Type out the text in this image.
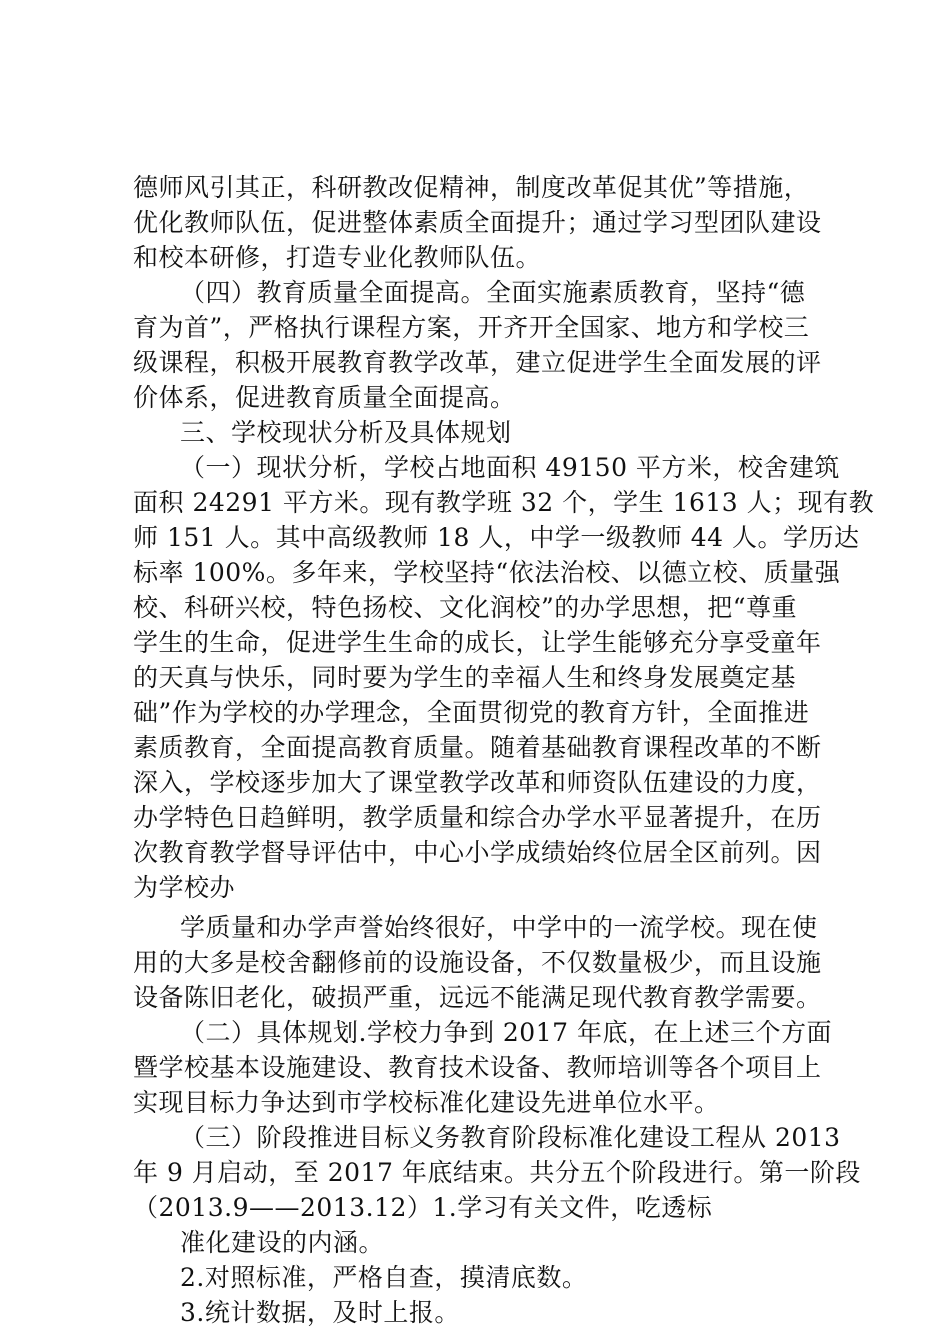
德师风引其正，科研教改促精神，制度改革促其优”等措施，
优化教师队伍，促进整体素质全面提升；通过学习型团队建设
和校本研修，打造专业化教师队伍。
（四）教育质量全面提高。全面实施素质教育，坚持“德
育为首”，严格执行课程方案，开齐开全国家、地方和学校三
级课程，积极开展教育教学改革，建立促进学生全面发展的评
价体系，促进教育质量全面提高。
三、学校现状分析及具体规划
（一）现状分析，学校占地面积 49150 平方米，校舍建筑
面积 24291 平方米。现有教学班 32 个，学生 1613 人；现有教
师 151 人。其中高级教师 18 人，中学一级教师 44 人。学历达
标率 100%。多年来，学校坚持“依法治校、以德立校、质量强
校、科研兴校，特色扬校、文化润校”的办学思想，把“尊重
学生的生命，促进学生生命的成长，让学生能够充分享受童年
的天真与快乐，同时要为学生的幸福人生和终身发展奠定基
础”作为学校的办学理念，全面贯彻党的教育方针，全面推进
素质教育，全面提高教育质量。随着基础教育课程改革的不断
深入，学校逐步加大了课堂教学改革和师资队伍建设的力度，
办学特色日趋鲜明，教学质量和综合办学水平显著提升，在历
次教育教学督导评估中，中心小学成绩始终位居全区前列。因
为学校办
学质量和办学声誉始终很好，中学中的一流学校。现在使
用的大多是校舍翻修前的设施设备，不仅数量极少，而且设施
设备陈旧老化，破损严重，远远不能满足现代教育教学需要。
（二）具体规划.学校力争到 2017 年底，在上述三个方面
暨学校基本设施建设、教育技术设备、教师培训等各个项目上
实现目标力争达到市学校标准化建设先进单位水平。
（三）阶段推进目标义务教育阶段标准化建设工程从 2013
年 9 月启动，至 2017 年底结束。共分五个阶段进行。第一阶段
（2013.9——2013.12）1.学习有关文件，吃透标
准化建设的内涵。
2.对照标准，严格自查，摸清底数。
3.统计数据，及时上报。
